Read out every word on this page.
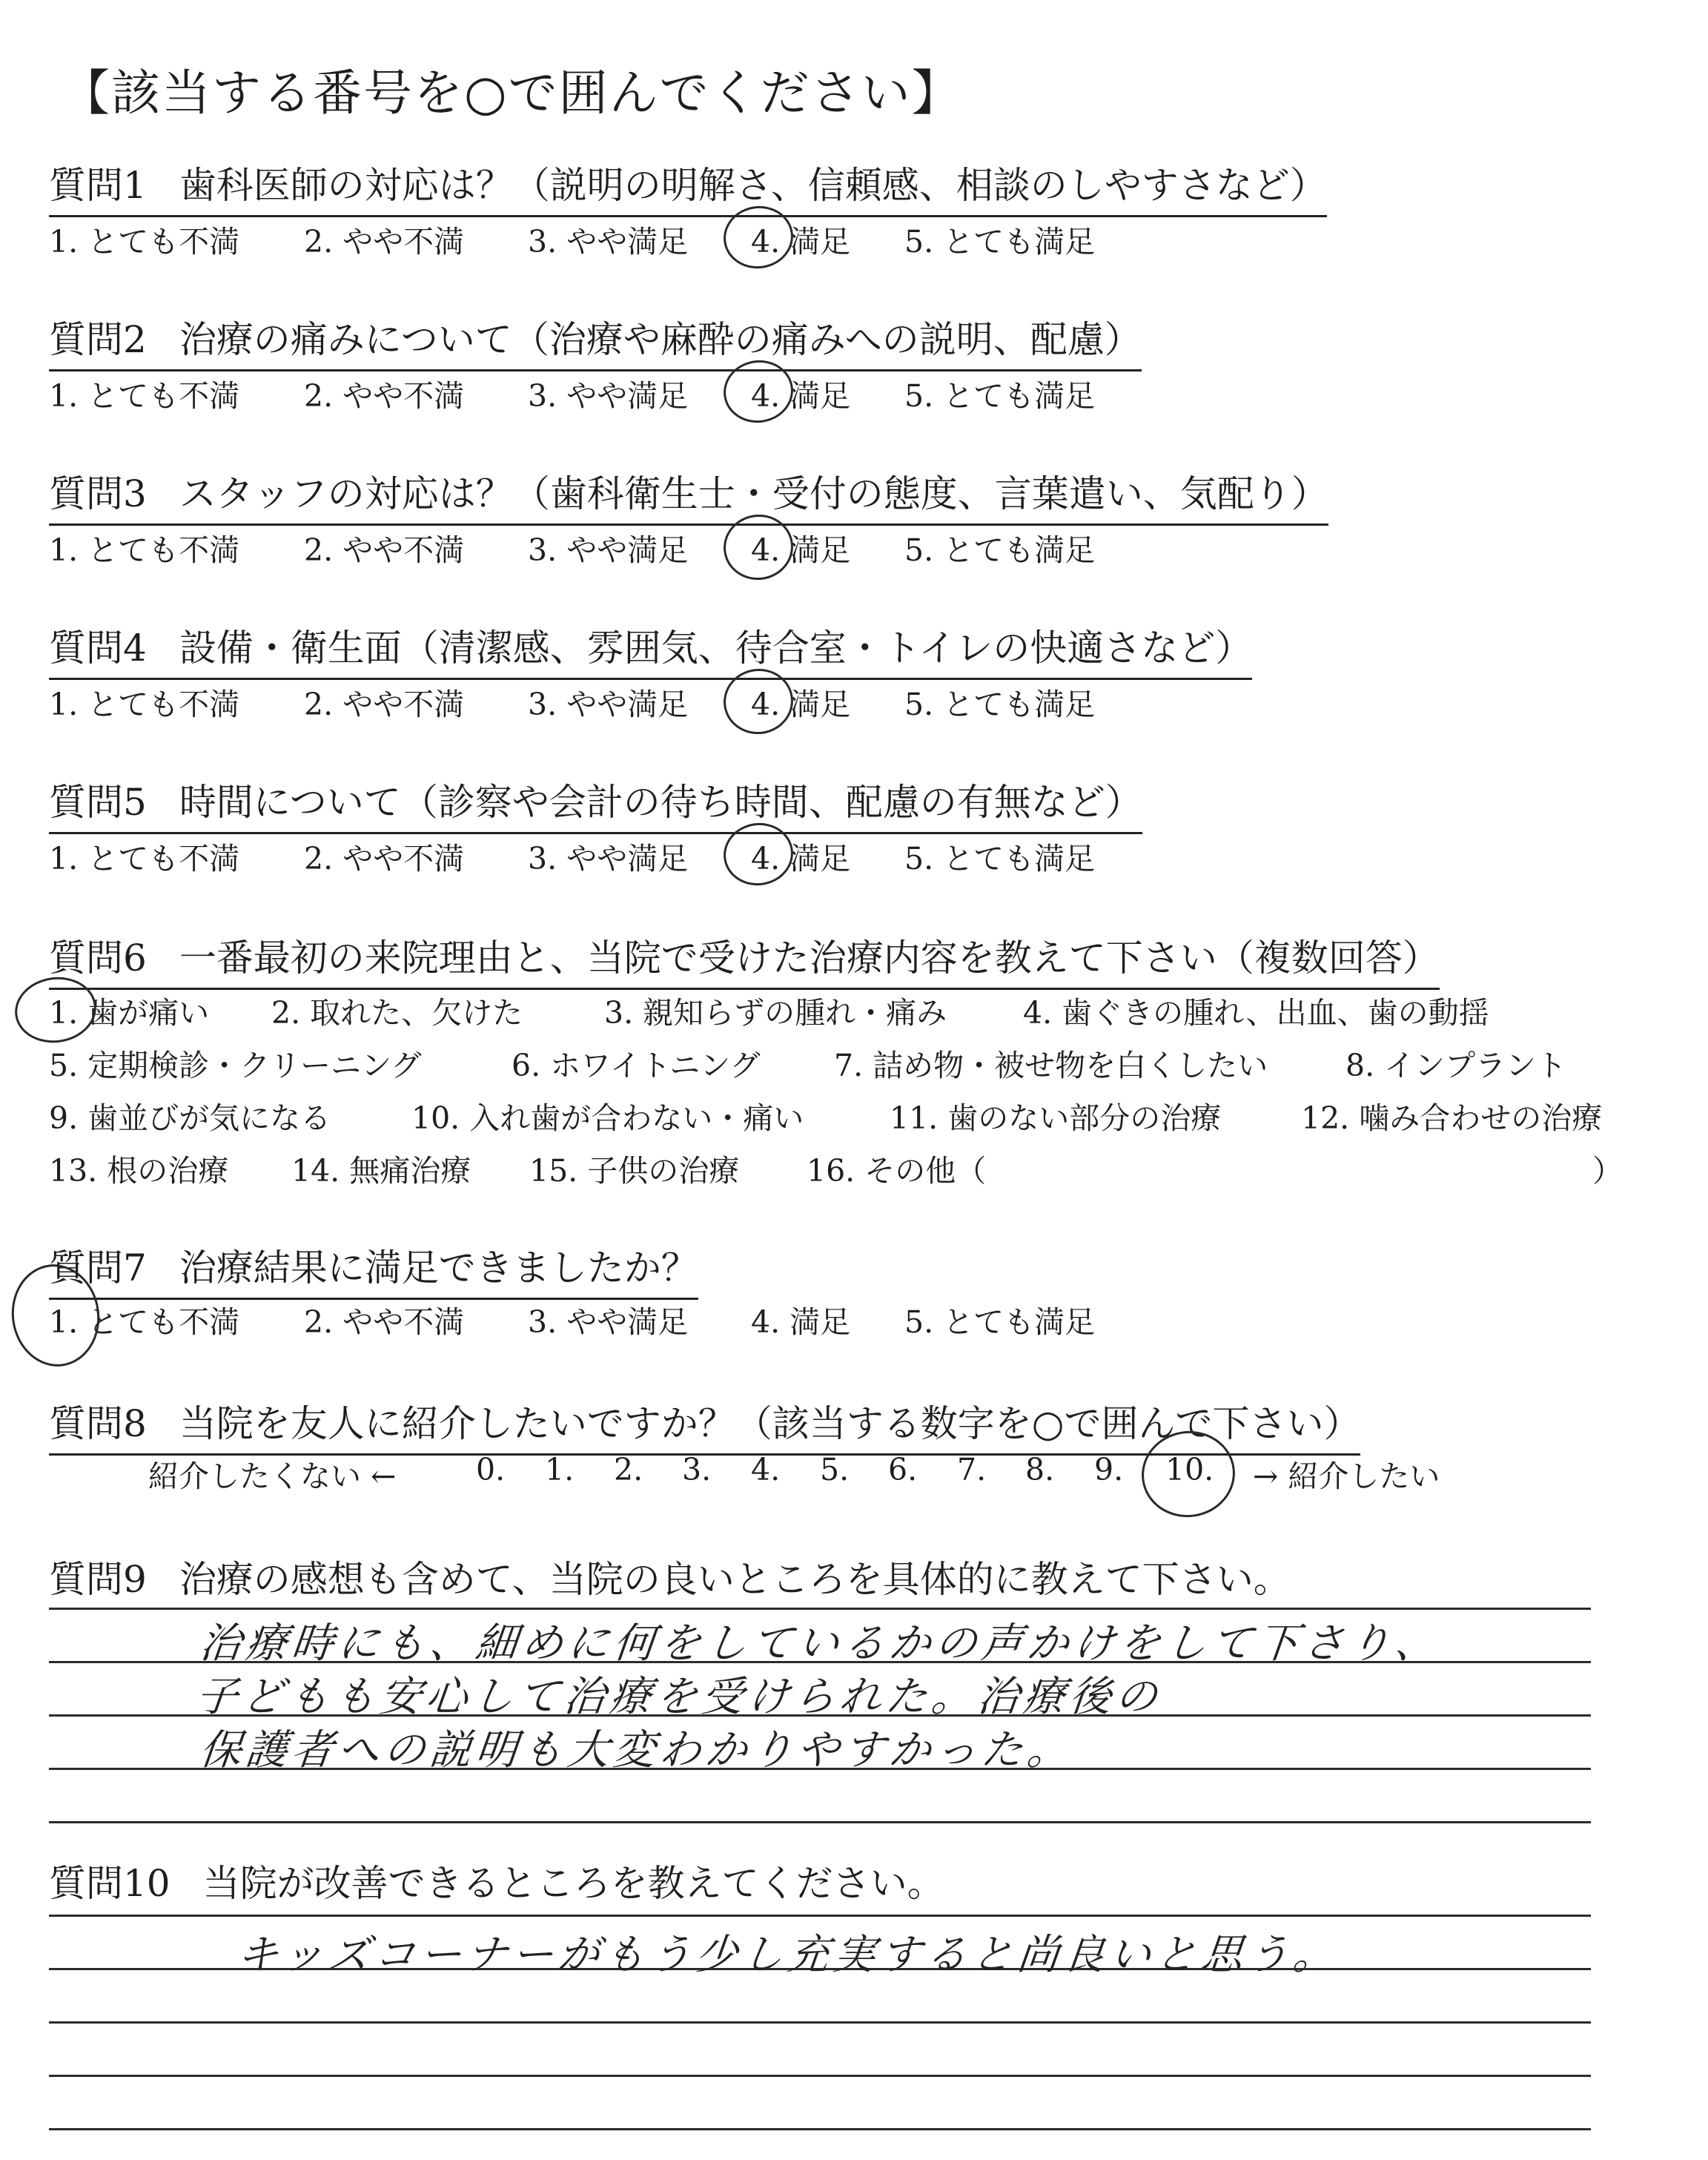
【該当する番号を○で囲んでください】
質問1 歯科医師の対応は？（説明の明解さ、信頼感、相談のしやすさなど）
1. とても不満 2. やや不満 3. やや満足 4. 満足 5. とても満足
質問2 治療の痛みについて（治療や麻酔の痛みへの説明、配慮）
1. とても不満 2. やや不満 3. やや満足 4. 満足 5. とても満足
質問3 スタッフの対応は？（歯科衛生士・受付の態度、言葉遣い、気配り）
1. とても不満 2. やや不満 3. やや満足 4. 満足 5. とても満足
質問4 設備・衛生面（清潔感、雰囲気、待合室・トイレの快適さなど）
1. とても不満 2. やや不満 3. やや満足 4. 満足 5. とても満足
質問5 時間について（診察や会計の待ち時間、配慮の有無など）
1. とても不満 2. やや不満 3. やや満足 4. 満足 5. とても満足
質問6 一番最初の来院理由と、当院で受けた治療内容を教えて下さい（複数回答）
1. 歯が痛い 2. 取れた、欠けた	3. 親知らずの腫れ・痛み	4. 歯ぐきの腫れ、出血、歯の動揺
5. 定期検診・クリーニング	6. ホワイトニング 7. 詰め物・被せ物を白くしたい	8. インプラント
9. 歯並びが気になる	10. 入れ歯が合わない・痛い	11. 歯のない部分の治療	12. 噛み合わせの治療
13. 根の治療 14. 無痛治療 15. 子供の治療 16. その他（	）
質問7 治療結果に満足できましたか？
1. とても不満 2. やや不満 3. やや満足 4. 満足 5. とても満足
質問8 当院を友人に紹介したいですか？（該当する数字を○で囲んで下さい）
紹介したくない ←	0. 1. 2. 3. 4. 5. 6. 7. 8. 9. 10. → 紹介したい
質問9 治療の感想も含めて、当院の良いところを具体的に教えて下さい。
治療時にも、細めに何をしているかの声かけをして下さり、
子どもも安心して治療を受けられた。治療後の
保護者への説明も大変わかりやすかった。
質問10 当院が改善できるところを教えてください。
キッズコーナーがもう少し充実すると尚良いと思う。
